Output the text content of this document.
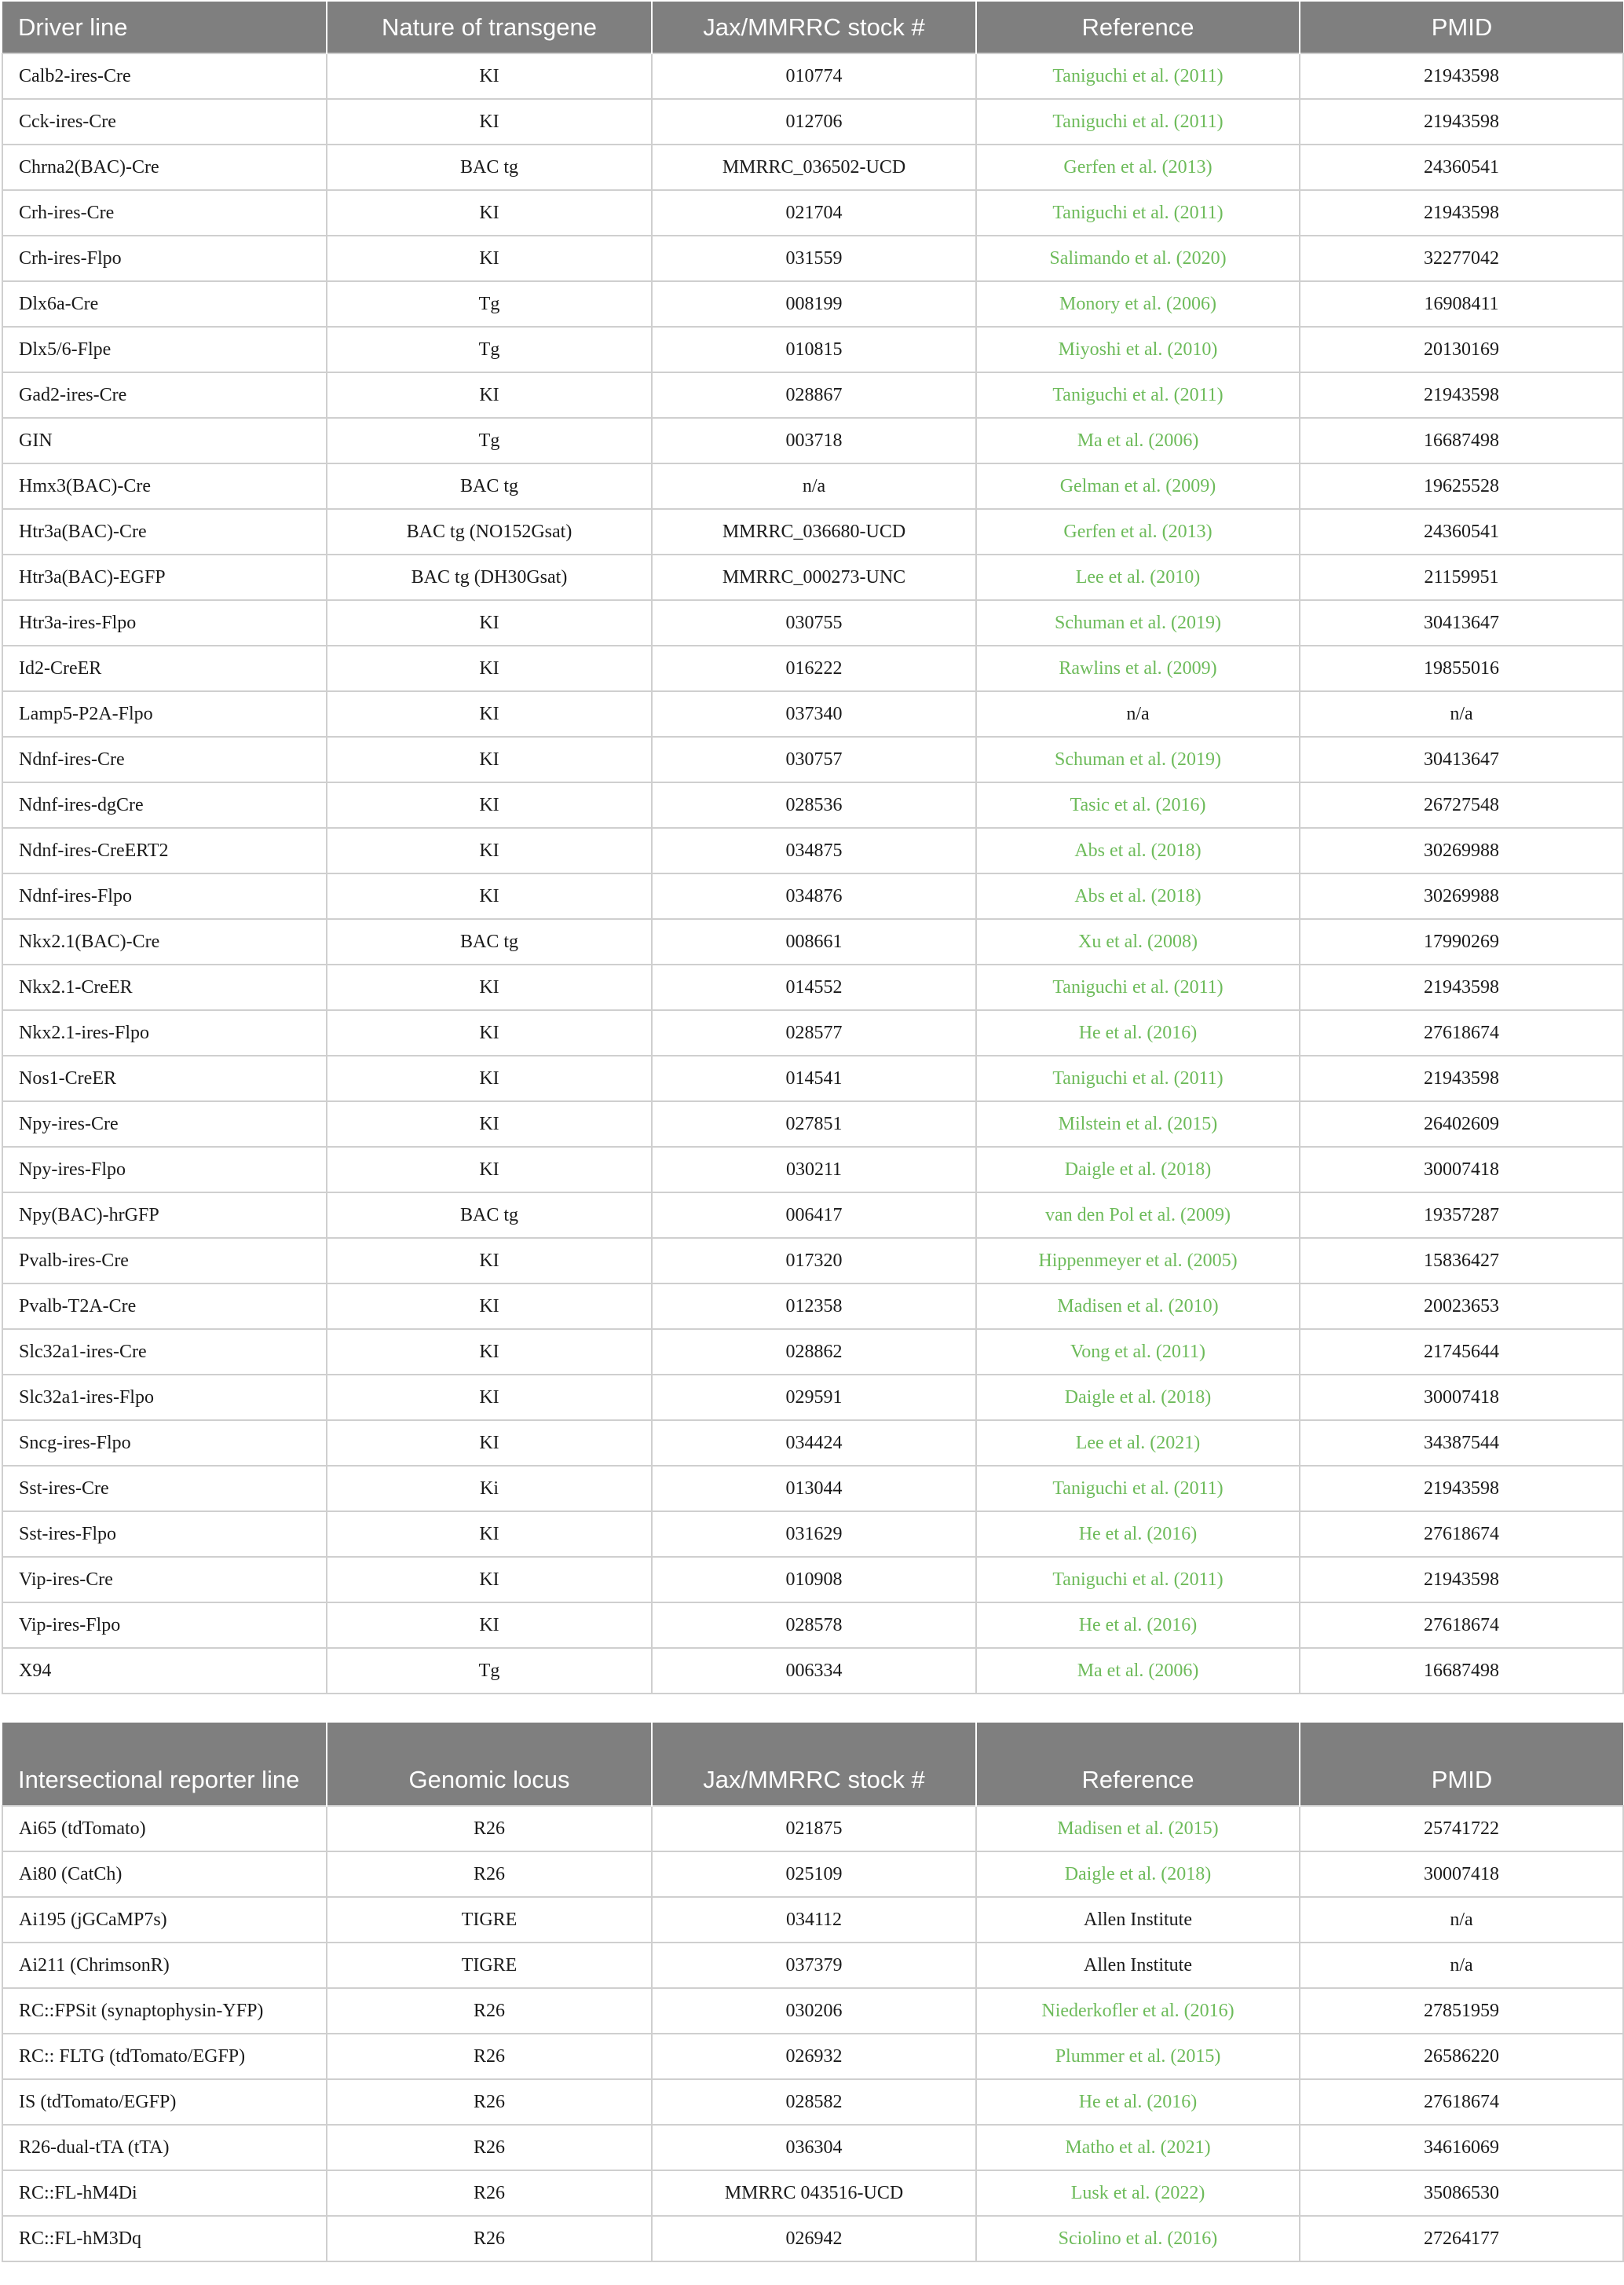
Driver line	Nature of transgene	Jax/MMRRC stock #	Reference	PMID
Calb2-ires-Cre	KI	010774	Taniguchi et al. (2011)	21943598
Cck-ires-Cre	KI	012706	Taniguchi et al. (2011)	21943598
Chrna2(BAC)-Cre	BAC tg	MMRRC_036502-UCD	Gerfen et al. (2013)	24360541
Crh-ires-Cre	KI	021704	Taniguchi et al. (2011)	21943598
Crh-ires-Flpo	KI	031559	Salimando et al. (2020)	32277042
Dlx6a-Cre	Tg	008199	Monory et al. (2006)	16908411
Dlx5/6-Flpe	Tg	010815	Miyoshi et al. (2010)	20130169
Gad2-ires-Cre	KI	028867	Taniguchi et al. (2011)	21943598
GIN	Tg	003718	Ma et al. (2006)	16687498
Hmx3(BAC)-Cre	BAC tg	n/a	Gelman et al. (2009)	19625528
Htr3a(BAC)-Cre	BAC tg (NO152Gsat)	MMRRC_036680-UCD	Gerfen et al. (2013)	24360541
Htr3a(BAC)-EGFP	BAC tg (DH30Gsat)	MMRRC_000273-UNC	Lee et al. (2010)	21159951
Htr3a-ires-Flpo	KI	030755	Schuman et al. (2019)	30413647
Id2-CreER	KI	016222	Rawlins et al. (2009)	19855016
Lamp5-P2A-Flpo	KI	037340	n/a	n/a
Ndnf-ires-Cre	KI	030757	Schuman et al. (2019)	30413647
Ndnf-ires-dgCre	KI	028536	Tasic et al. (2016)	26727548
Ndnf-ires-CreERT2	KI	034875	Abs et al. (2018)	30269988
Ndnf-ires-Flpo	KI	034876	Abs et al. (2018)	30269988
Nkx2.1(BAC)-Cre	BAC tg	008661	Xu et al. (2008)	17990269
Nkx2.1-CreER	KI	014552	Taniguchi et al. (2011)	21943598
Nkx2.1-ires-Flpo	KI	028577	He et al. (2016)	27618674
Nos1-CreER	KI	014541	Taniguchi et al. (2011)	21943598
Npy-ires-Cre	KI	027851	Milstein et al. (2015)	26402609
Npy-ires-Flpo	KI	030211	Daigle et al. (2018)	30007418
Npy(BAC)-hrGFP	BAC tg	006417	van den Pol et al. (2009)	19357287
Pvalb-ires-Cre	KI	017320	Hippenmeyer et al. (2005)	15836427
Pvalb-T2A-Cre	KI	012358	Madisen et al. (2010)	20023653
Slc32a1-ires-Cre	KI	028862	Vong et al. (2011)	21745644
Slc32a1-ires-Flpo	KI	029591	Daigle et al. (2018)	30007418
Sncg-ires-Flpo	KI	034424	Lee et al. (2021)	34387544
Sst-ires-Cre	Ki	013044	Taniguchi et al. (2011)	21943598
Sst-ires-Flpo	KI	031629	He et al. (2016)	27618674
Vip-ires-Cre	KI	010908	Taniguchi et al. (2011)	21943598
Vip-ires-Flpo	KI	028578	He et al. (2016)	27618674
X94	Tg	006334	Ma et al. (2006)	16687498
Intersectional reporter line	Genomic locus	Jax/MMRRC stock #	Reference	PMID
Ai65 (tdTomato)	R26	021875	Madisen et al. (2015)	25741722
Ai80 (CatCh)	R26	025109	Daigle et al. (2018)	30007418
Ai195 (jGCaMP7s)	TIGRE	034112	Allen Institute	n/a
Ai211 (ChrimsonR)	TIGRE	037379	Allen Institute	n/a
RC::FPSit (synaptophysin-YFP)	R26	030206	Niederkofler et al. (2016)	27851959
RC:: FLTG (tdTomato/EGFP)	R26	026932	Plummer et al. (2015)	26586220
IS (tdTomato/EGFP)	R26	028582	He et al. (2016)	27618674
R26-dual-tTA (tTA)	R26	036304	Matho et al. (2021)	34616069
RC::FL-hM4Di	R26	MMRRC 043516-UCD	Lusk et al. (2022)	35086530
RC::FL-hM3Dq	R26	026942	Sciolino et al. (2016)	27264177
